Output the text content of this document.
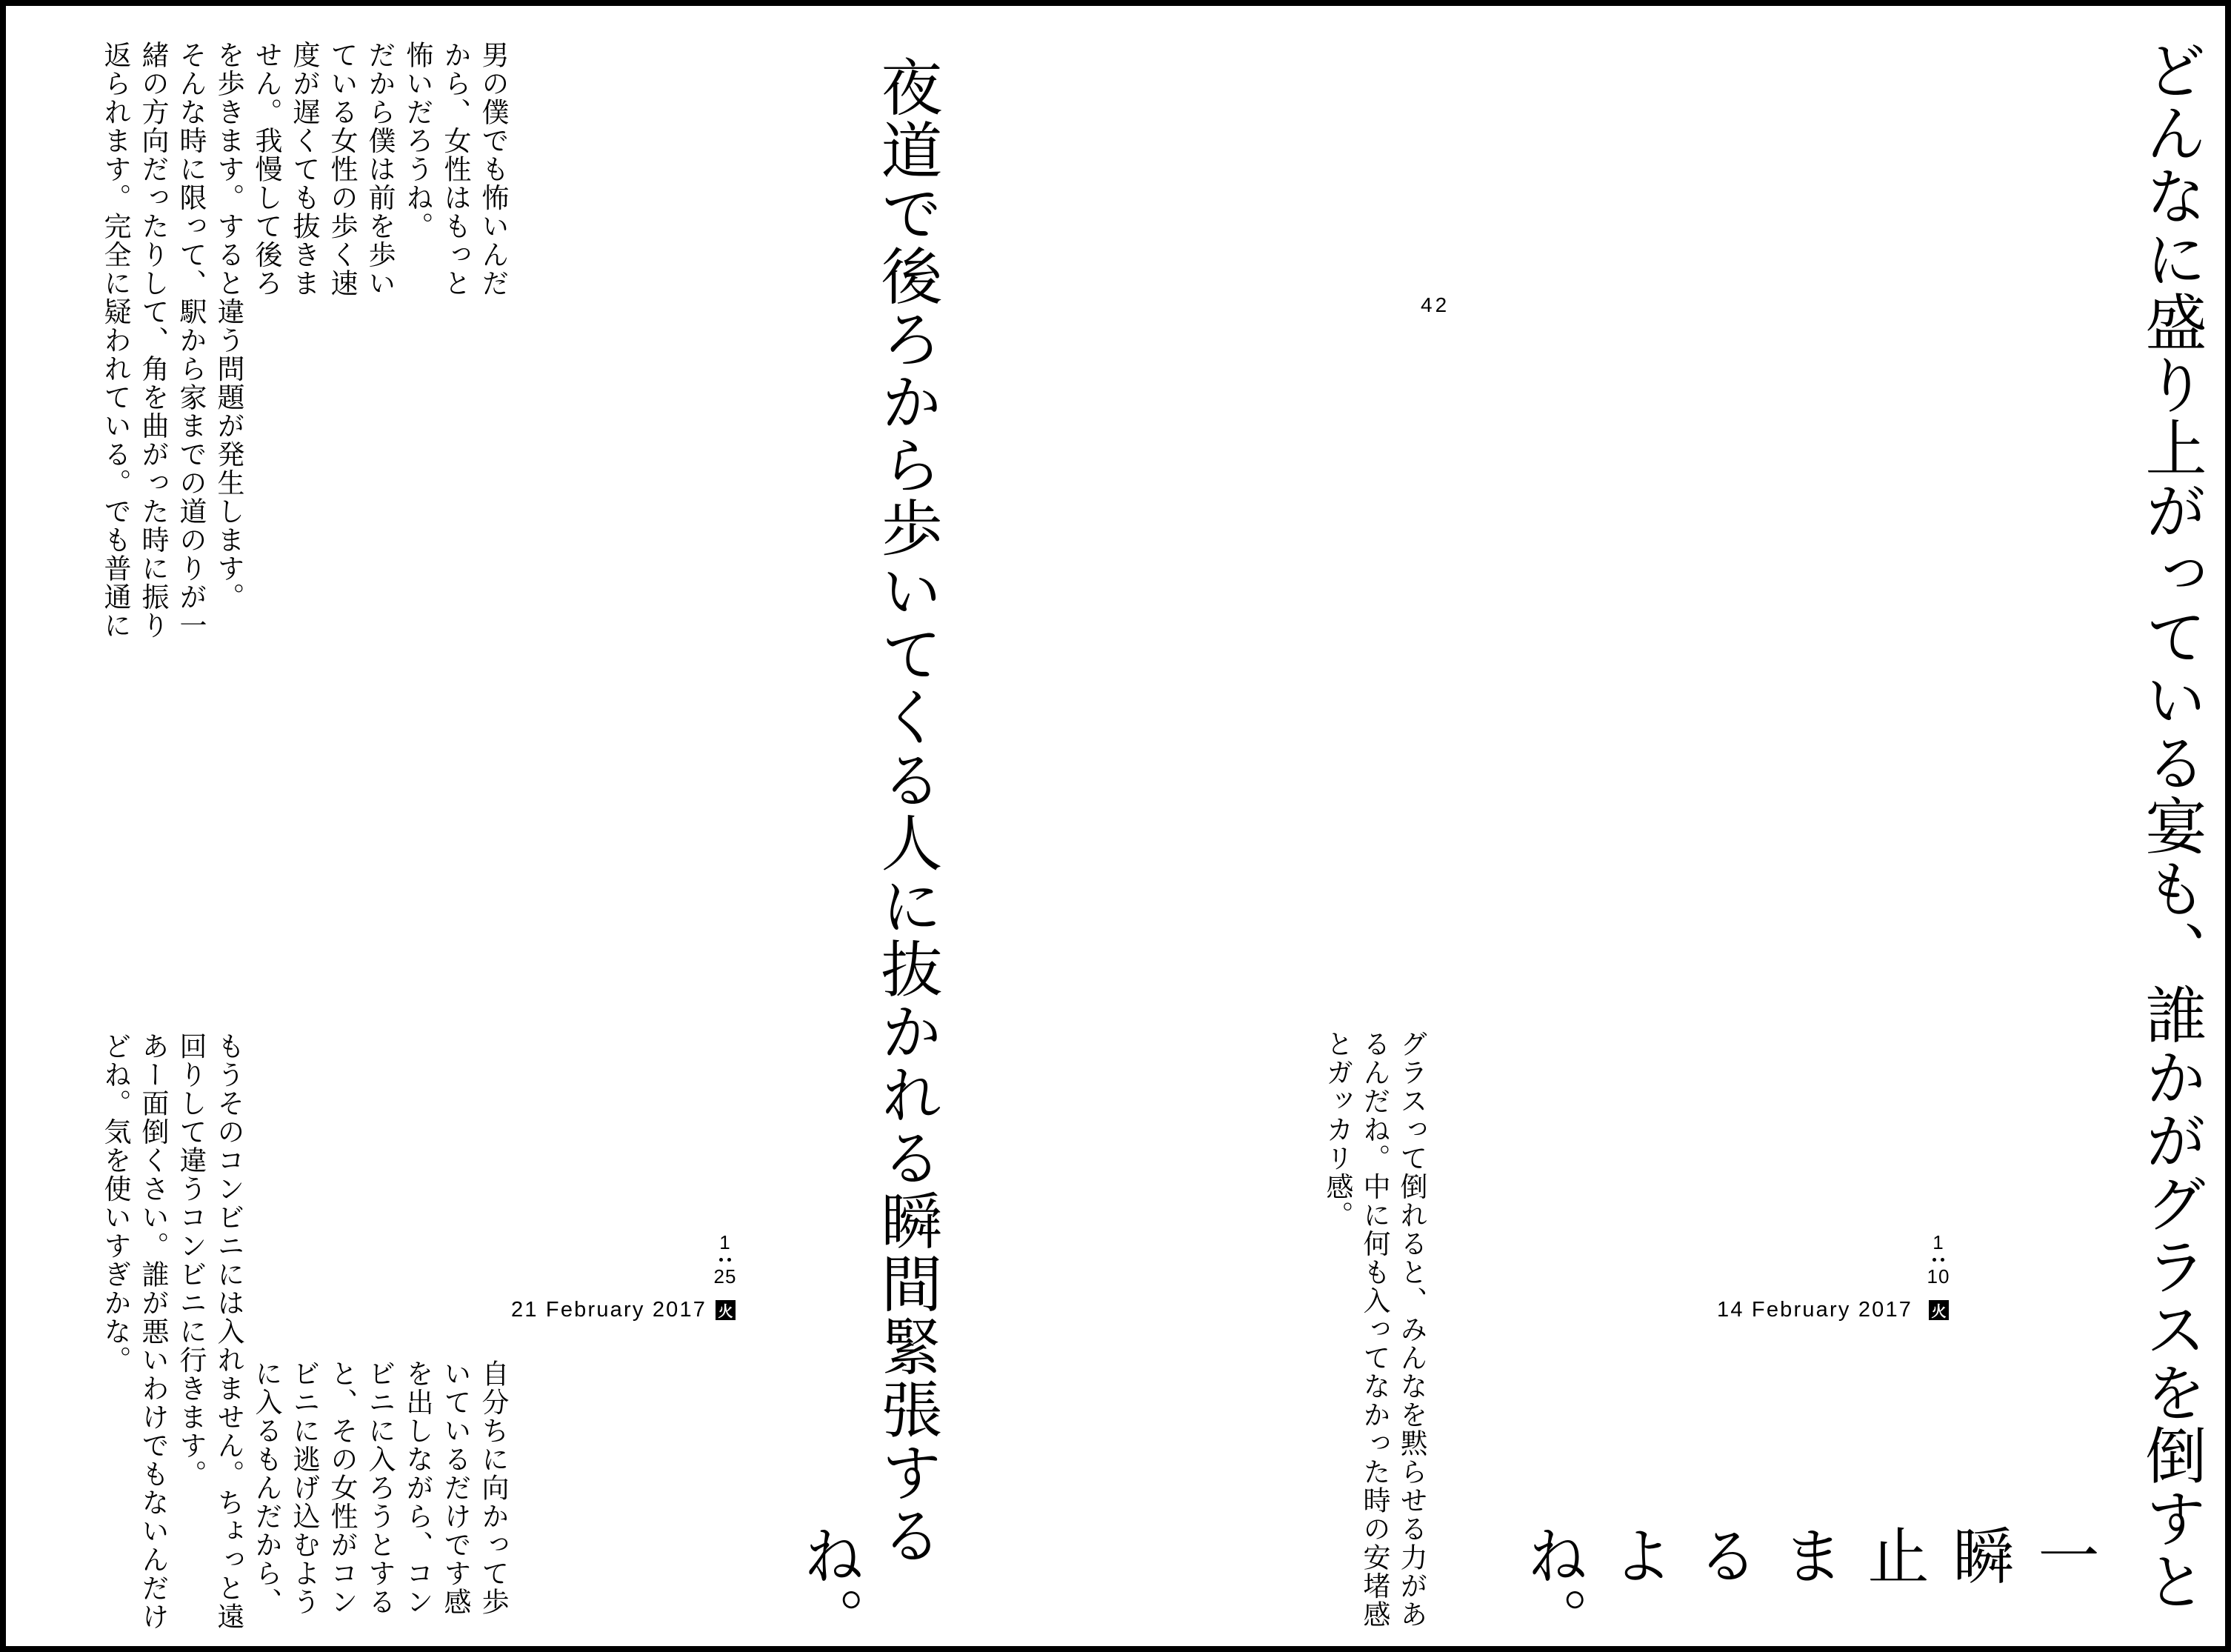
どんなに盛り上がっている宴も、誰かがグラスを倒すと
一
瞬
止
ま
る
よ
ね。
グラスって倒れると、みんなを黙らせる力があ
るんだね。中に何も入ってなかった時の安堵感
とガッカリ感。
14 February 2017
1
10
火
42
夜道で後ろから歩いてくる人に抜かれる瞬間緊張する
ね。
男の僕でも怖いんだ
から、女性はもっと
怖いだろうね。
だから僕は前を歩い
ている女性の歩く速
度が遅くても抜きま
せん。我慢して後ろ
を歩きます。すると違う問題が発生します。
そんな時に限って、駅から家までの道のりが一
緒の方向だったりして、角を曲がった時に振り
返られます。完全に疑われている。でも普通に
自分ちに向かって歩
いているだけです感
を出しながら、コン
ビニに入ろうとする
と、その女性がコン
ビニに逃げ込むよう
に入るもんだから、
もうそのコンビニには入れません。ちょっと遠
回りして違うコンビニに行きます。
あー面倒くさい。誰が悪いわけでもないんだけ
どね。気を使いすぎかな。	21 February 2017
1
25
火
